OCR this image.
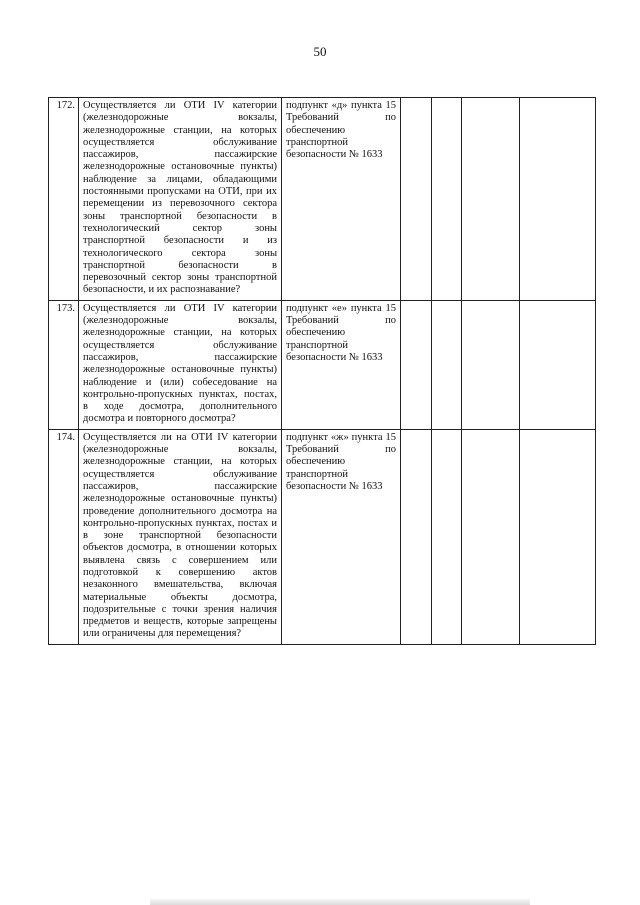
50
172.	Осуществляется ли ОТИ IV категории (железнодорожные вокзалы, железнодорожные станции, на которых осуществляется обслуживание пассажиров, пассажирские железнодорожные остановочные пункты) наблюдение за лицами, обладающими постоянными пропусками на ОТИ, при их перемещении из перевозочного сектора зоны транспортной безопасности в технологический сектор зоны транспортной безопасности и из технологического сектора зоны транспортной безопасности в перевозочный сектор зоны транспортной безопасности, и их распознавание?	подпункт «д» пункта 15 Требований по обеспечению транспортной безопасности № 1633				
173.	Осуществляется ли ОТИ IV категории (железнодорожные вокзалы, железнодорожные станции, на которых осуществляется обслуживание пассажиров, пассажирские железнодорожные остановочные пункты) наблюдение и (или) собеседование на контрольно-пропускных пунктах, постах, в ходе досмотра, дополнительного досмотра и повторного досмотра?	подпункт «е» пункта 15 Требований по обеспечению транспортной безопасности № 1633				
174.	Осуществляется ли на ОТИ IV категории (железнодорожные вокзалы, железнодорожные станции, на которых осуществляется обслуживание пассажиров, пассажирские железнодорожные остановочные пункты) проведение дополнительного досмотра на контрольно-пропускных пунктах, постах и в зоне транспортной безопасности объектов досмотра, в отношении которых выявлена связь с совершением или подготовкой к совершению актов незаконного вмешательства, включая материальные объекты досмотра, подозрительные с точки зрения наличия предметов и веществ, которые запрещены или ограничены для перемещения?	подпункт «ж» пункта 15 Требований по обеспечению транспортной безопасности № 1633				
